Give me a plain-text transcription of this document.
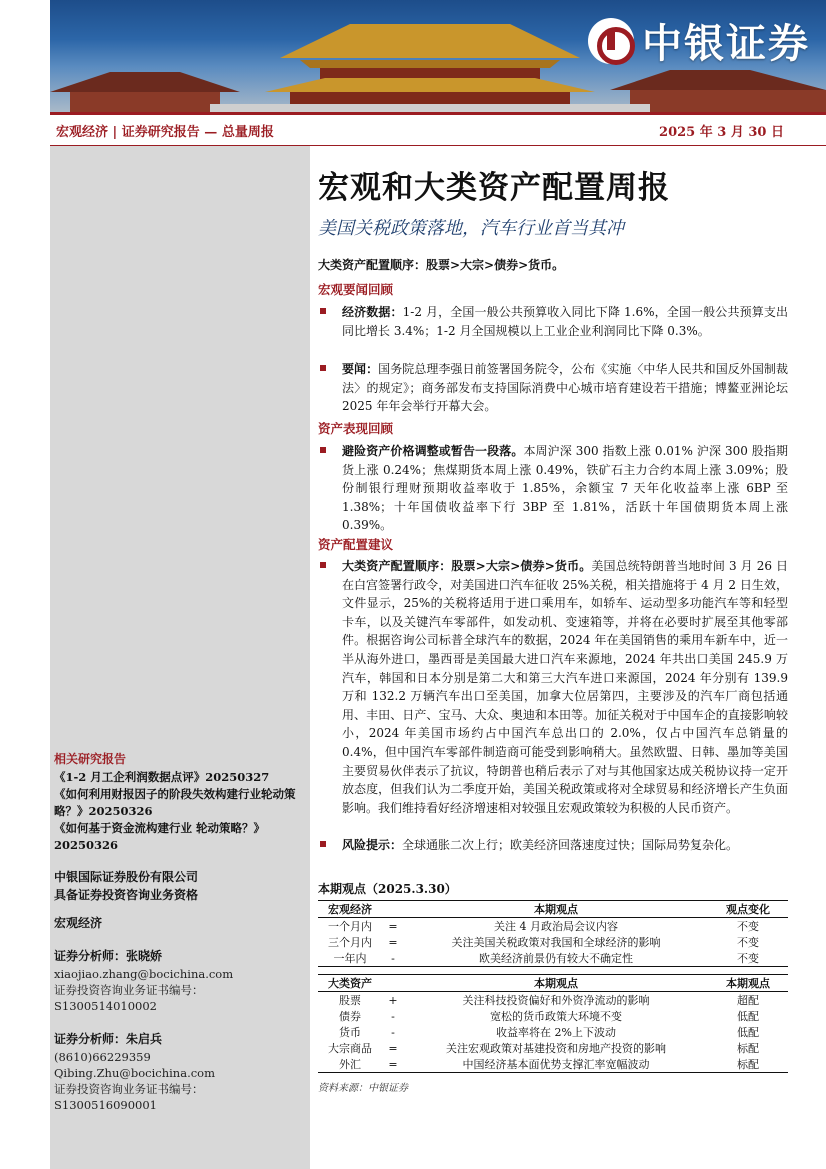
中银证券
宏观经济 | 证券研究报告 — 总量周报	2025 年 3 月 30 日
相关研究报告
《1-2 月工企利润数据点评》20250327
《如何利用财报因子的阶段失效构建行业轮动策略？》20250326
《如何基于资金流构建行业 轮动策略？》20250326
中银国际证券股份有限公司
具备证券投资咨询业务资格
宏观经济
证券分析师：张晓娇
xiaojiao.zhang@bocichina.com
证券投资咨询业务证书编号：S1300514010002
证券分析师：朱启兵
(8610)66229359
Qibing.Zhu@bocichina.com
证券投资咨询业务证书编号：S1300516090001
宏观和大类资产配置周报
美国关税政策落地，汽车行业首当其冲
大类资产配置顺序：股票>大宗>债券>货币。
宏观要闻回顾
经济数据：1-2 月，全国一般公共预算收入同比下降 1.6%，全国一般公共预算支出同比增长 3.4%；1-2 月全国规模以上工业企业利润同比下降 0.3%。
要闻：国务院总理李强日前签署国务院令，公布《实施〈中华人民共和国反外国制裁法〉的规定》；商务部发布支持国际消费中心城市培育建设若干措施；博鳌亚洲论坛 2025 年年会举行开幕大会。
资产表现回顾
避险资产价格调整或暂告一段落。本周沪深 300 指数上涨 0.01% 沪深 300 股指期货上涨 0.24%；焦煤期货本周上涨 0.49%，铁矿石主力合约本周上涨 3.09%；股份制银行理财预期收益率收于 1.85%，余额宝 7 天年化收益率上涨 6BP 至 1.38%；十年国债收益率下行 3BP 至 1.81%，活跃十年国债期货本周上涨 0.39%。
资产配置建议
大类资产配置顺序：股票>大宗>债券>货币。美国总统特朗普当地时间 3 月 26 日在白宫签署行政令，对美国进口汽车征收 25%关税，相关措施将于 4 月 2 日生效，文件显示，25%的关税将适用于进口乘用车，如轿车、运动型多功能汽车等和轻型卡车，以及关键汽车零部件，如发动机、变速箱等，并将在必要时扩展至其他零部件。根据咨询公司标普全球汽车的数据，2024 年在美国销售的乘用车新车中，近一半从海外进口，墨西哥是美国最大进口汽车来源地，2024 年共出口美国 245.9 万汽车，韩国和日本分别是第二大和第三大汽车进口来源国，2024 年分别有 139.9 万和 132.2 万辆汽车出口至美国，加拿大位居第四，主要涉及的汽车厂商包括通用、丰田、日产、宝马、大众、奥迪和本田等。加征关税对于中国车企的直接影响较小，2024 年美国市场约占中国汽车总出口的 2.0%，仅占中国汽车总销量的 0.4%，但中国汽车零部件制造商可能受到影响稍大。虽然欧盟、日韩、墨加等美国主要贸易伙伴表示了抗议，特朗普也稍后表示了对与其他国家达成关税协议持一定开放态度，但我们认为二季度开始，美国关税政策或将对全球贸易和经济增长产生负面影响。我们维持看好经济增速相对较强且宏观政策较为积极的人民币资产。
风险提示：全球通胀二次上行；欧美经济回落速度过快；国际局势复杂化。
本期观点（2025.3.30）
宏观经济		本期观点	观点变化
一个月内	=	关注 4 月政治局会议内容	不变
三个月内	=	关注美国关税政策对我国和全球经济的影响	不变
一年内	-	欧美经济前景仍有较大不确定性	不变
大类资产		本期观点	本期观点
股票	+	关注科技投资偏好和外资净流动的影响	超配
债券	-	宽松的货币政策大环境不变	低配
货币	-	收益率将在 2%上下波动	低配
大宗商品	=	关注宏观政策对基建投资和房地产投资的影响	标配
外汇	=	中国经济基本面优势支撑汇率宽幅波动	标配
资料来源：中银证券
